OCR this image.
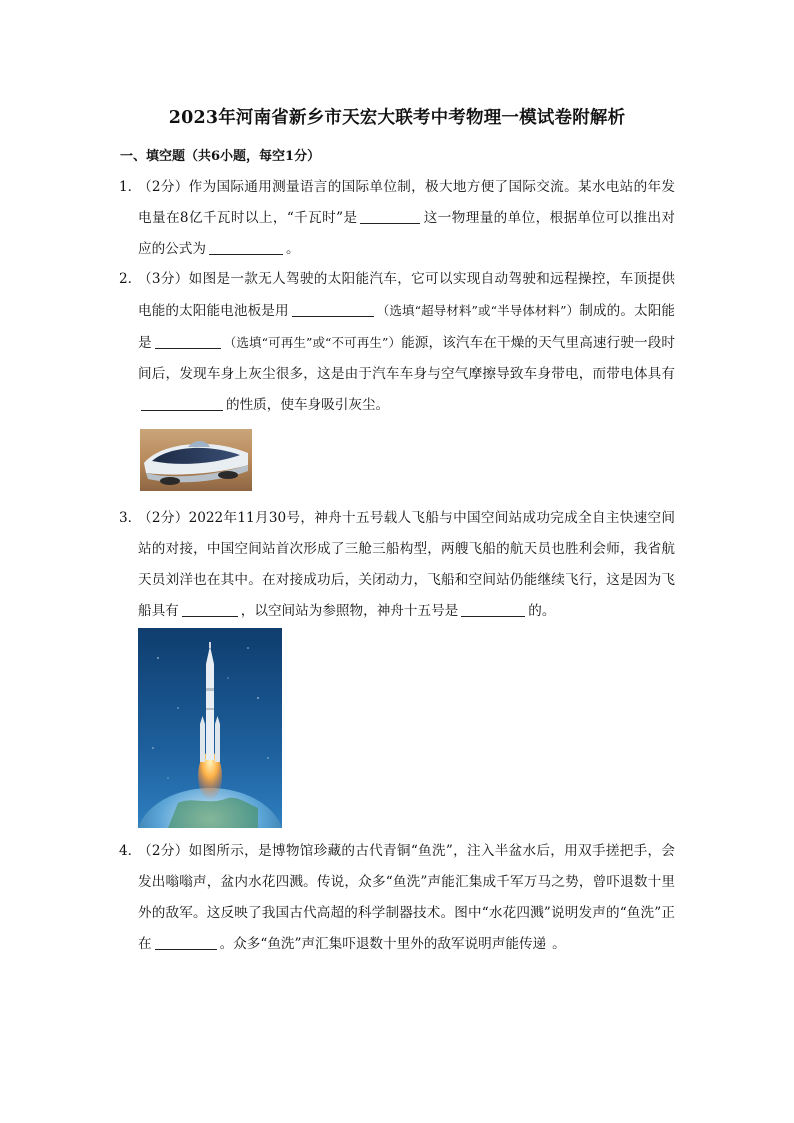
2023年河南省新乡市天宏大联考中考物理一模试卷附解析
一、填空题（共6小题，每空1分）
1．
（2分）作为国际通用测量语言的国际单位制，极大地方便了国际交流。某水电站的年发电量在8亿千瓦时以上，“千瓦时”是	这一物理量的单位，根据单位可以推出对应的公式为	。
2．
（3分）如图是一款无人驾驶的太阳能汽车，它可以实现自动驾驶和远程操控，车顶提供电能的太阳能电池板是用	（选填“超导材料”或“半导体材料”）制成的。太阳能是	（选填“可再生”或“不可再生”）能源，该汽车在干燥的天气里高速行驶一段时间后，发现车身上灰尘很多，这是由于汽车车身与空气摩擦导致车身带电，而带电体具有的性质，使车身吸引灰尘。
3．
（2分）2022年11月30号，神舟十五号载人飞船与中国空间站成功完成全自主快速空间站的对接，中国空间站首次形成了三舱三船构型，两艘飞船的航天员也胜利会师，我省航天员刘洋也在其中。在对接成功后，关闭动力，飞船和空间站仍能继续飞行，这是因为飞船具有	，以空间站为参照物，神舟十五号是	的。
4．
（2分）如图所示，是博物馆珍藏的古代青铜“鱼洗”，注入半盆水后，用双手搓把手，会发出嗡嗡声，盆内水花四溅。传说，众多“鱼洗”声能汇集成千军万马之势，曾吓退数十里外的敌军。这反映了我国古代高超的科学制器技术。图中“水花四溅”说明发声的“鱼洗”正在	。众多“鱼洗”声汇集吓退数十里外的敌军说明声能传递 。
